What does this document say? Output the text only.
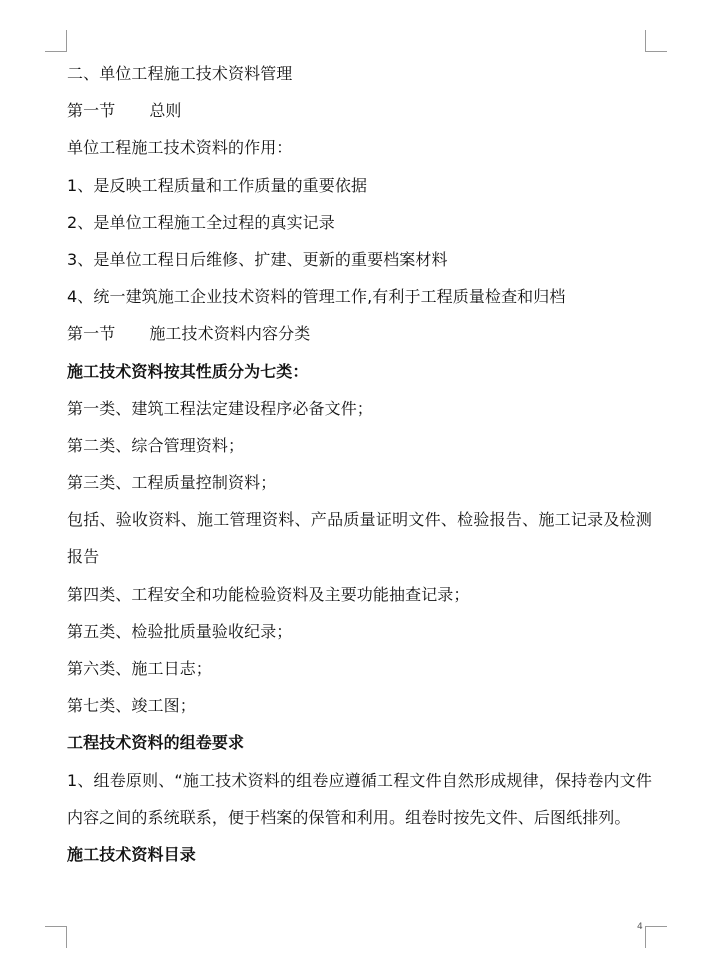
二、单位工程施工技术资料管理
第一节 总则
单位工程施工技术资料的作用：
1、是反映工程质量和工作质量的重要依据
2、是单位工程施工全过程的真实记录
3、是单位工程日后维修、扩建、更新的重要档案材料
4、统一建筑施工企业技术资料的管理工作,有利于工程质量检查和归档
第一节 施工技术资料内容分类
施工技术资料按其性质分为七类：
第一类、建筑工程法定建设程序必备文件；
第二类、综合管理资料；
第三类、工程质量控制资料；
包括、验收资料、施工管理资料、产品质量证明文件、检验报告、施工记录及检测报告
第四类、工程安全和功能检验资料及主要功能抽查记录；
第五类、检验批质量验收纪录；
第六类、施工日志；
第七类、竣工图；
工程技术资料的组卷要求
1、组卷原则、“施工技术资料的组卷应遵循工程文件自然形成规律，保持卷内文件内容之间的系统联系，便于档案的保管和利用。组卷时按先文件、后图纸排列。
施工技术资料目录
4
